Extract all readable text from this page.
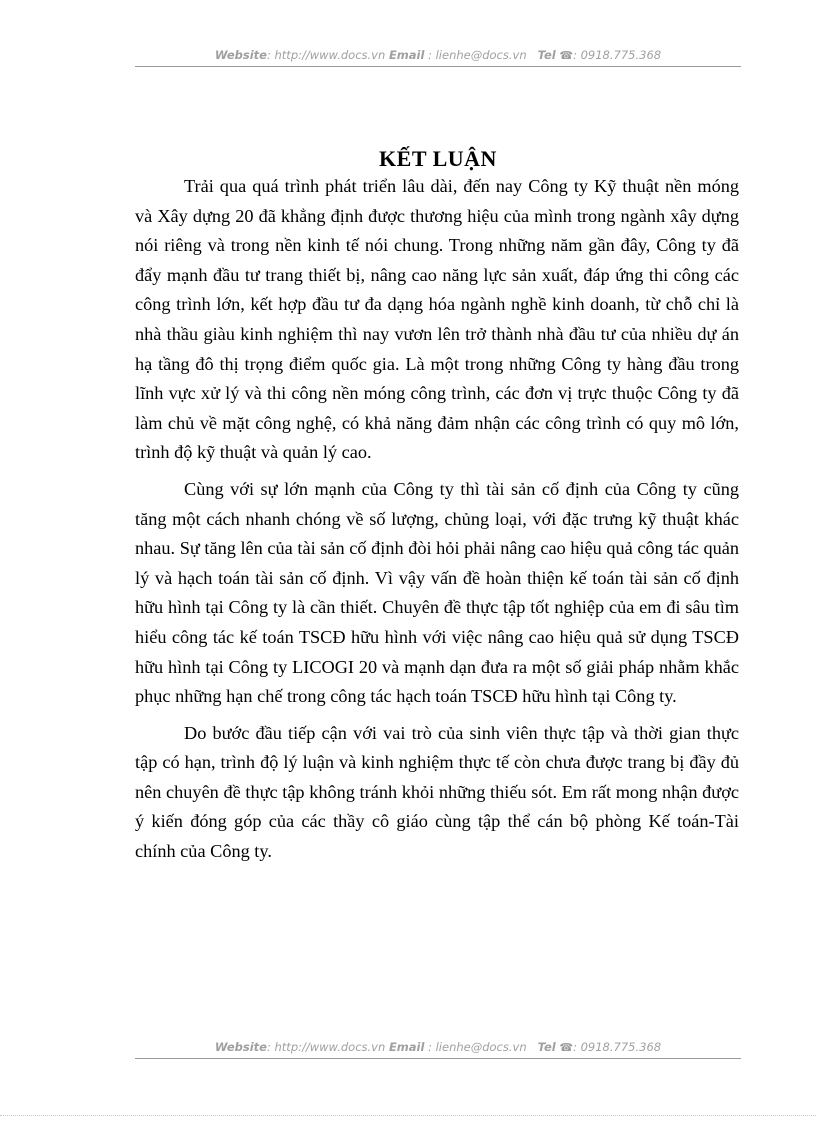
Website: http://www.docs.vn Email : lienhe@docs.vn Tel ☎: 0918.775.368
KẾT LUẬN

Trải qua quá trình phát triển lâu dài, đến nay Công ty Kỹ thuật nền móng và Xây dựng 20 đã khẳng định được thương hiệu của mình trong ngành xây dựng nói riêng và trong nền kinh tế nói chung. Trong những năm gần đây, Công ty đã đẩy mạnh đầu tư trang thiết bị, nâng cao năng lực sản xuất, đáp ứng thi công các công trình lớn, kết hợp đầu tư đa dạng hóa ngành nghề kinh doanh, từ chỗ chỉ là nhà thầu giàu kinh nghiệm thì nay vươn lên trở thành nhà đầu tư của nhiều dự án hạ tầng đô thị trọng điểm quốc gia. Là một trong những Công ty hàng đầu trong lĩnh vực xử lý và thi công nền móng công trình, các đơn vị trực thuộc Công ty đã làm chủ về mặt công nghệ, có khả năng đảm nhận các công trình có quy mô lớn, trình độ kỹ thuật và quản lý cao.

Cùng với sự lớn mạnh của Công ty thì tài sản cố định của Công ty cũng tăng một cách nhanh chóng về số lượng, chủng loại, với đặc trưng kỹ thuật khác nhau. Sự tăng lên của tài sản cố định đòi hỏi phải nâng cao hiệu quả công tác quản lý và hạch toán tài sản cố định. Vì vậy vấn đề hoàn thiện kế toán tài sản cố định hữu hình tại Công ty là cần thiết. Chuyên đề thực tập tốt nghiệp của em đi sâu tìm hiểu công tác kế toán TSCĐ hữu hình với việc nâng cao hiệu quả sử dụng TSCĐ hữu hình tại Công ty LICOGI 20 và mạnh dạn đưa ra một số giải pháp nhằm khắc phục những hạn chế trong công tác hạch toán TSCĐ hữu hình tại Công ty.

Do bước đầu tiếp cận với vai trò của sinh viên thực tập và thời gian thực tập có hạn, trình độ lý luận và kinh nghiệm thực tế còn chưa được trang bị đầy đủ nên chuyên đề thực tập không tránh khỏi những thiếu sót. Em rất mong nhận được ý kiến đóng góp của các thầy cô giáo cùng tập thể cán bộ phòng Kế toán-Tài chính của Công ty.

Website: http://www.docs.vn Email : lienhe@docs.vn Tel ☎: 0918.775.368
